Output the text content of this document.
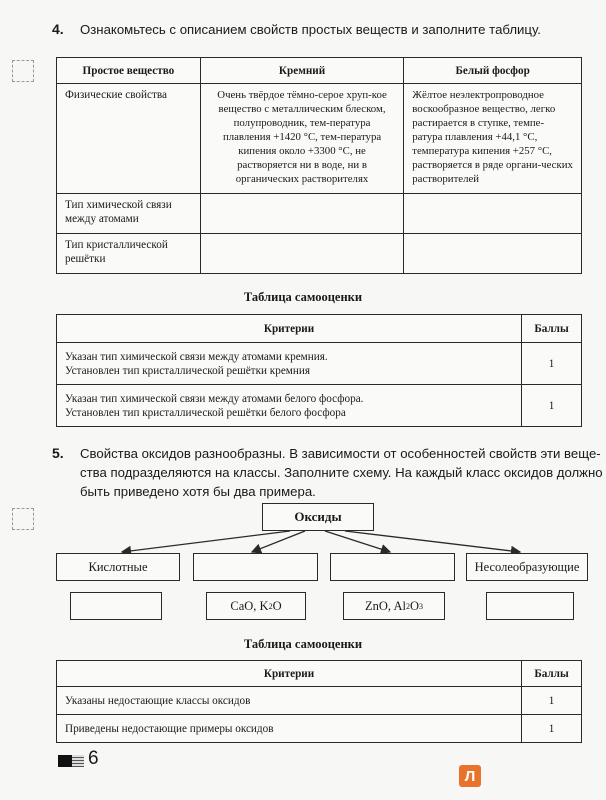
4. Ознакомьтесь с описанием свойств простых веществ и заполните таблицу.
Простое вещество	Кремний	Белый фосфор
Физические свойства	Очень твёрдое тёмно-серое хруп-кое вещество с металлическим блеском, полупроводник, тем-пература плавления +1420 °С, тем-пература кипения около +3300 °С, не растворяется ни в воде, ни в органических растворителях	Жёлтое неэлектропроводное воскообразное вещество, легко растирается в ступке, темпе-ратура плавления +44,1 °С, температура кипения +257 °С, растворяется в ряде органи-ческих растворителей
Тип химической связи между атомами		
Тип кристаллической решётки		
Таблица самооценки
Критерии	Баллы

Указан тип химической связи между атомами кремния.
Установлен тип кристаллической решётки кремния	1

Указан тип химической связи между атомами белого фосфора.
Установлен тип кристаллической решётки белого фосфора	1
5. Свойства оксидов разнообразны. В зависимости от особенностей свойств эти веще-
ства подразделяются на классы. Заполните схему. На каждый класс оксидов должно
быть приведено хотя бы два примера.
Оксиды
Кислотные	Несолеобразующие
CaO, K 2 O	ZnO, Al 2 O 3
Таблица самооценки
Критерии	Баллы
Указаны недостающие классы оксидов	1
Приведены недостающие примеры оксидов	1
6
Л
